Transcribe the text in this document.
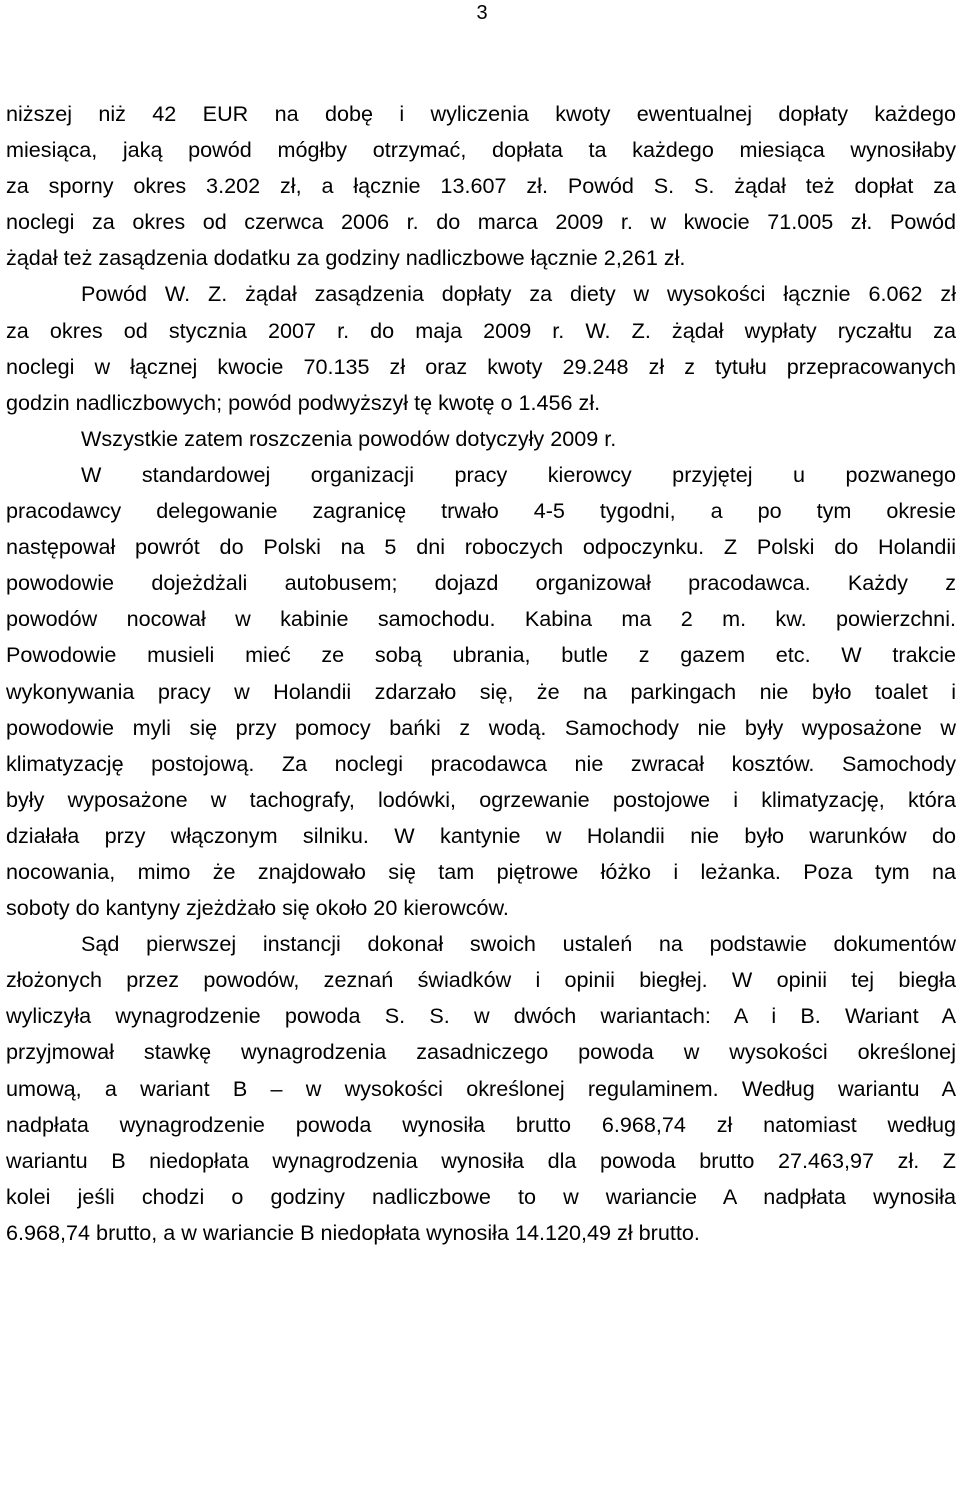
3
niższej niż 42 EUR na dobę i wyliczenia kwoty ewentualnej dopłaty każdego
miesiąca, jaką powód mógłby otrzymać, dopłata ta każdego miesiąca wynosiłaby
za sporny okres 3.202 zł, a łącznie 13.607 zł. Powód S. S. żądał też dopłat za
noclegi za okres od czerwca 2006 r. do marca 2009 r. w kwocie 71.005 zł. Powód
żądał też zasądzenia dodatku za godziny nadliczbowe łącznie 2,261 zł.
Powód W. Z. żądał zasądzenia dopłaty za diety w wysokości łącznie 6.062 zł
za okres od stycznia 2007 r. do maja 2009 r. W. Z. żądał wypłaty ryczałtu za
noclegi w łącznej kwocie 70.135 zł oraz kwoty 29.248 zł z tytułu przepracowanych
godzin nadliczbowych; powód podwyższył tę kwotę o 1.456 zł.
Wszystkie zatem roszczenia powodów dotyczyły 2009 r.
W standardowej organizacji pracy kierowcy przyjętej u pozwanego
pracodawcy delegowanie zagranicę trwało 4-5 tygodni, a po tym okresie
następował powrót do Polski na 5 dni roboczych odpoczynku. Z Polski do Holandii
powodowie dojeżdżali autobusem; dojazd organizował pracodawca. Każdy z
powodów nocował w kabinie samochodu. Kabina ma 2 m. kw. powierzchni.
Powodowie musieli mieć ze sobą ubrania, butle z gazem etc. W trakcie
wykonywania pracy w Holandii zdarzało się, że na parkingach nie było toalet i
powodowie myli się przy pomocy bańki z wodą. Samochody nie były wyposażone w
klimatyzację postojową. Za noclegi pracodawca nie zwracał kosztów. Samochody
były wyposażone w tachografy, lodówki, ogrzewanie postojowe i klimatyzację, która
działała przy włączonym silniku. W kantynie w Holandii nie było warunków do
nocowania, mimo że znajdowało się tam piętrowe łóżko i leżanka. Poza tym na
soboty do kantyny zjeżdżało się około 20 kierowców.
Sąd pierwszej instancji dokonał swoich ustaleń na podstawie dokumentów
złożonych przez powodów, zeznań świadków i opinii biegłej. W opinii tej biegła
wyliczyła wynagrodzenie powoda S. S. w dwóch wariantach: A i B. Wariant A
przyjmował stawkę wynagrodzenia zasadniczego powoda w wysokości określonej
umową, a wariant B – w wysokości określonej regulaminem. Według wariantu A
nadpłata wynagrodzenie powoda wynosiła brutto 6.968,74 zł natomiast według
wariantu B niedopłata wynagrodzenia wynosiła dla powoda brutto 27.463,97 zł. Z
kolei jeśli chodzi o godziny nadliczbowe to w wariancie A nadpłata wynosiła
6.968,74 brutto, a w wariancie B niedopłata wynosiła 14.120,49 zł brutto.
